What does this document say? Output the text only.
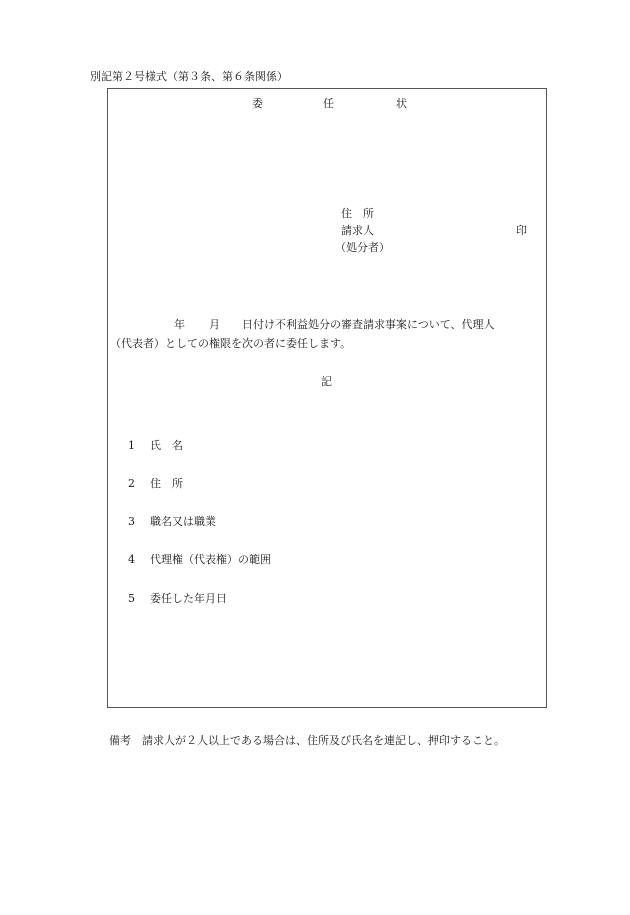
別記第２号様式（第３条、第６条関係）
委	任	状
住　所
請求人	印
（処分者）
年 月 日付け不利益処分の審査請求事案について、代理人
（代表者）としての権限を次の者に委任します。
記
1 氏　名
2 住　所
3 職名又は職業
4 代理権（代表権）の範囲
5 委任した年月日
備考　請求人が２人以上である場合は、住所及び氏名を連記し、押印すること。
